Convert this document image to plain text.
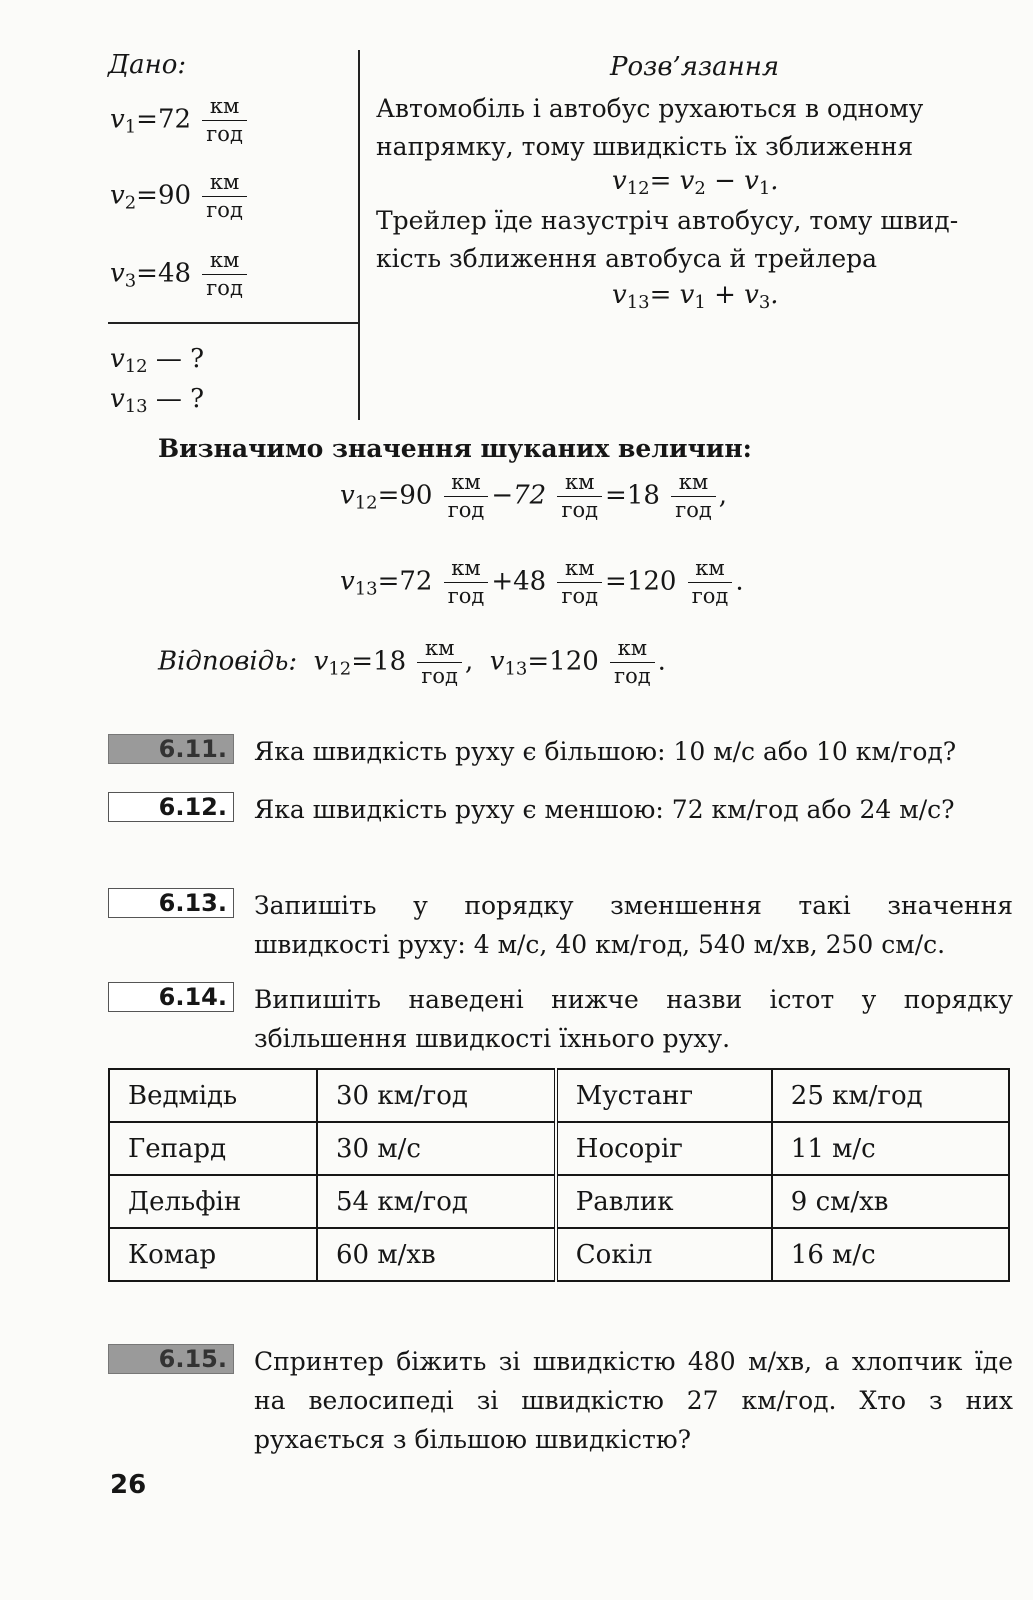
Дано:
$v_1=72 \frac{км}{\text{год}}$
$v_2=90 \frac{км}{\text{год}}$
$v_3=48 \frac{км}{\text{год}}$
$v_{12}$ — ?
$v_{13}$ — ?
Розв’язання
Автомобіль і автобус рухаються в одному
напрямку, тому швидкість їх зближення
$v_{12}= v_2 - v_1$.
Трейлер їде назустріч автобусу, тому швид-
кість зближення автобуса й трейлера
$v_{13}= v_1 + v_3$.
Визначимо значення шуканих величин:
$v_{12}=90 \frac{км}{\text{год}} -72 \frac{км}{\text{год}} =18 \frac{км}{\text{год}}$ ,
$v_{13}=72 \frac{км}{\text{год}} +48 \frac{км}{\text{год}} =120 \frac{км}{\text{год}}$ .
Відповідь:  $v_{12}=18 \frac{км}{\text{год}}$ ,  $v_{13}=120 \frac{км}{\text{год}}$ .
6.11. Яка швидкість руху є більшою: 10 м/с або 10 км/год?
6.12. Яка швидкість руху є меншою: 72 км/год або 24 м/с?
6.13. Запишіть у порядку зменшення такі значення швидкості руху: 4 м/с, 40 км/год, 540 м/хв, 250 см/с.
6.14. Випишіть наведені нижче назви істот у порядку збільшення швидкості їхнього руху.
Ведмідь	30 км/год	Мустанг	25 км/год
Гепард	30 м/с	Носоріг	11 м/с
Дельфін	54 км/год	Равлик	9 см/хв
Комар	60 м/хв	Сокіл	16 м/с
6.15. Спринтер біжить зі швидкістю 480 м/хв, а хлопчик їде на велосипеді зі швидкістю 27 км/год. Хто з них рухається з більшою швидкістю?
26
